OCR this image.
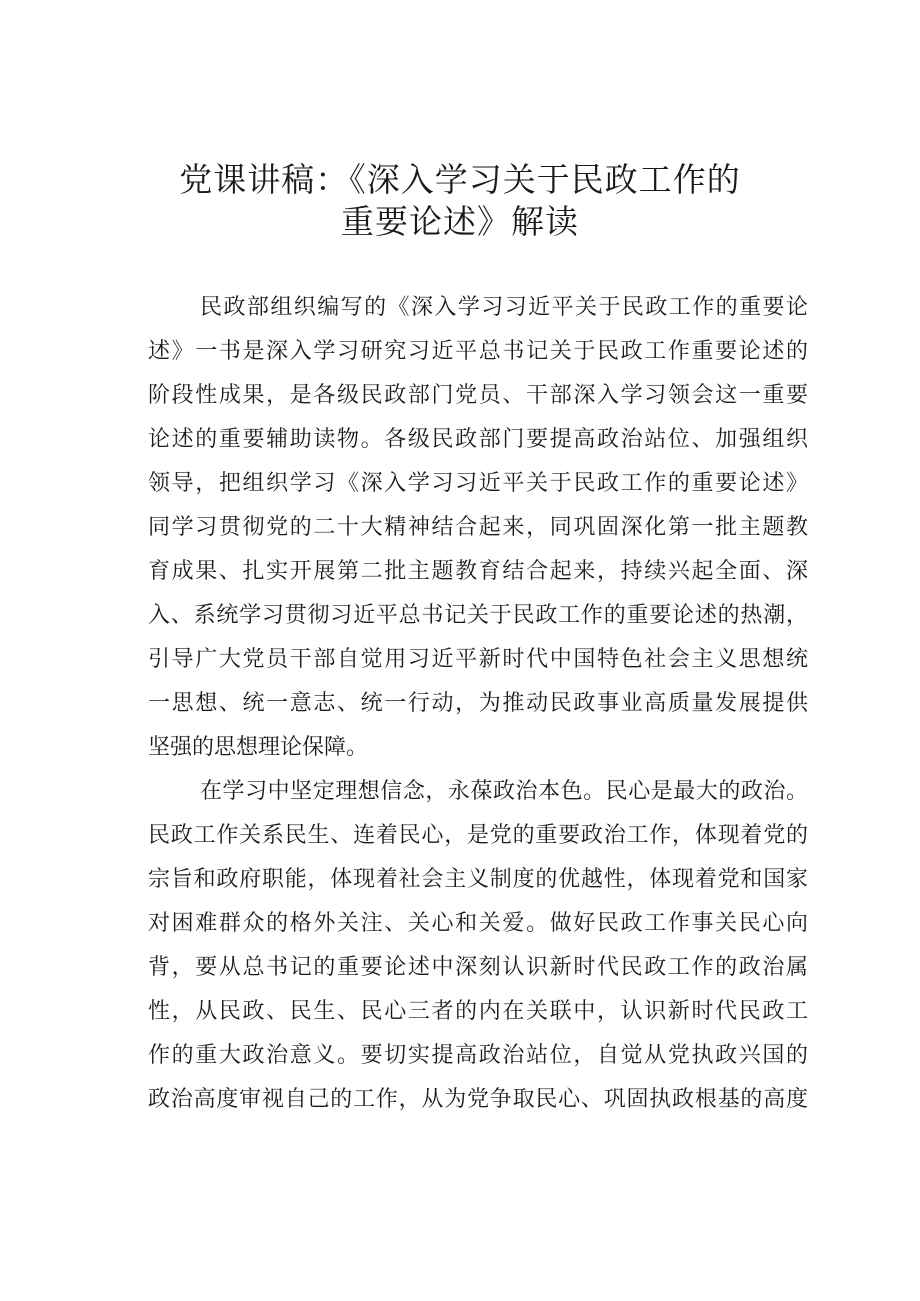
党课讲稿：《深入学习关于民政工作的
重要论述》解读

民政部组织编写的《深入学习习近平关于民政工作的重要论

述》一书是深入学习研究习近平总书记关于民政工作重要论述的

阶段性成果，是各级民政部门党员、干部深入学习领会这一重要

论述的重要辅助读物。各级民政部门要提高政治站位、加强组织

领导，把组织学习《深入学习习近平关于民政工作的重要论述》

同学习贯彻党的二十大精神结合起来，同巩固深化第一批主题教

育成果、扎实开展第二批主题教育结合起来，持续兴起全面、深

入、系统学习贯彻习近平总书记关于民政工作的重要论述的热潮，

引导广大党员干部自觉用习近平新时代中国特色社会主义思想统

一思想、统一意志、统一行动，为推动民政事业高质量发展提供

坚强的思想理论保障。

在学习中坚定理想信念，永葆政治本色。民心是最大的政治。

民政工作关系民生、连着民心，是党的重要政治工作，体现着党的

宗旨和政府职能，体现着社会主义制度的优越性，体现着党和国家

对困难群众的格外关注、关心和关爱。做好民政工作事关民心向

背，要从总书记的重要论述中深刻认识新时代民政工作的政治属

性，从民政、民生、民心三者的内在关联中，认识新时代民政工

作的重大政治意义。要切实提高政治站位，自觉从党执政兴国的

政治高度审视自己的工作，从为党争取民心、巩固执政根基的高度
